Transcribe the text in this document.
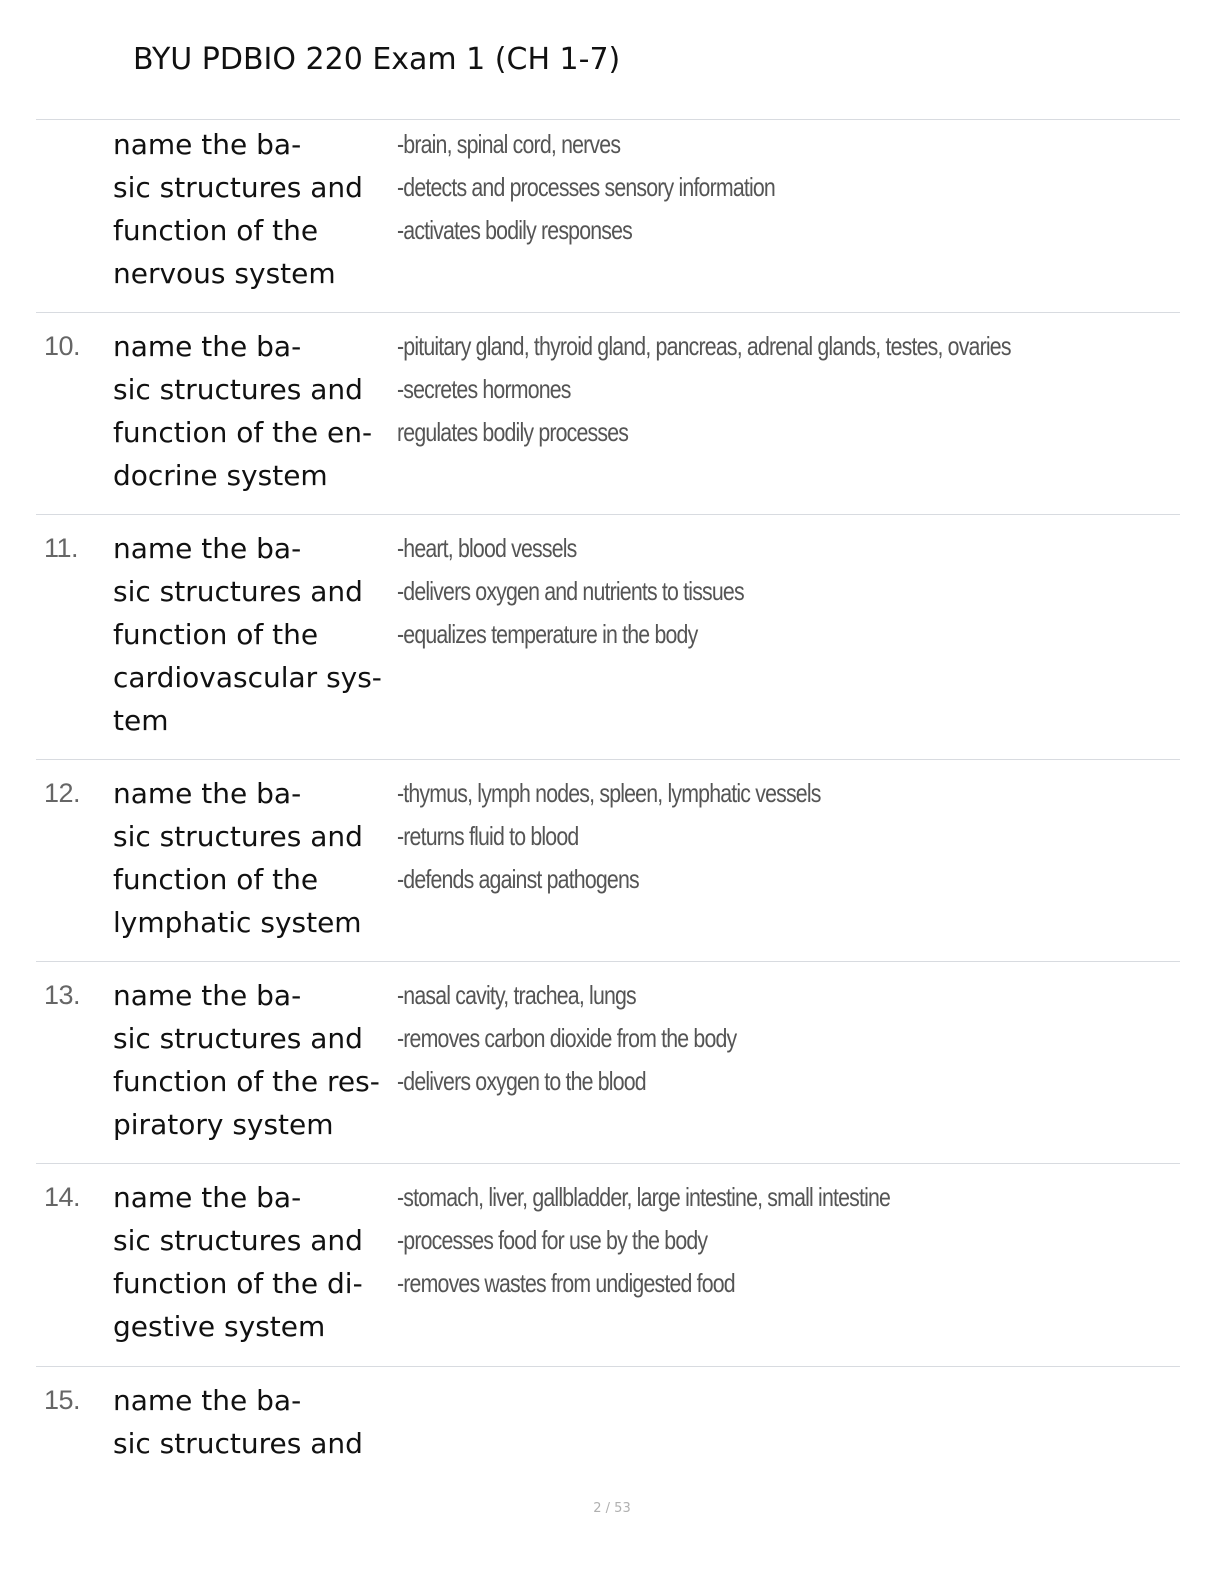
BYU PDBIO 220 Exam 1 (CH 1-7)
name the ba-
sic structures and
function of the
nervous system
-brain, spinal cord, nerves
-detects and processes sensory information
-activates bodily responses
10. name the ba-
sic structures and
function of the en-
docrine system
-pituitary gland, thyroid gland, pancreas, adrenal glands, testes, ovaries
-secretes hormones
regulates bodily processes
11. name the ba-
sic structures and
function of the
cardiovascular sys-
tem
-heart, blood vessels
-delivers oxygen and nutrients to tissues
-equalizes temperature in the body
12. name the ba-
sic structures and
function of the
lymphatic system
-thymus, lymph nodes, spleen, lymphatic vessels
-returns fluid to blood
-defends against pathogens
13. name the ba-
sic structures and
function of the res-
piratory system
-nasal cavity, trachea, lungs
-removes carbon dioxide from the body
-delivers oxygen to the blood
14. name the ba-
sic structures and
function of the di-
gestive system
-stomach, liver, gallbladder, large intestine, small intestine
-processes food for use by the body
-removes wastes from undigested food
15. name the ba-
sic structures and
2 / 53
